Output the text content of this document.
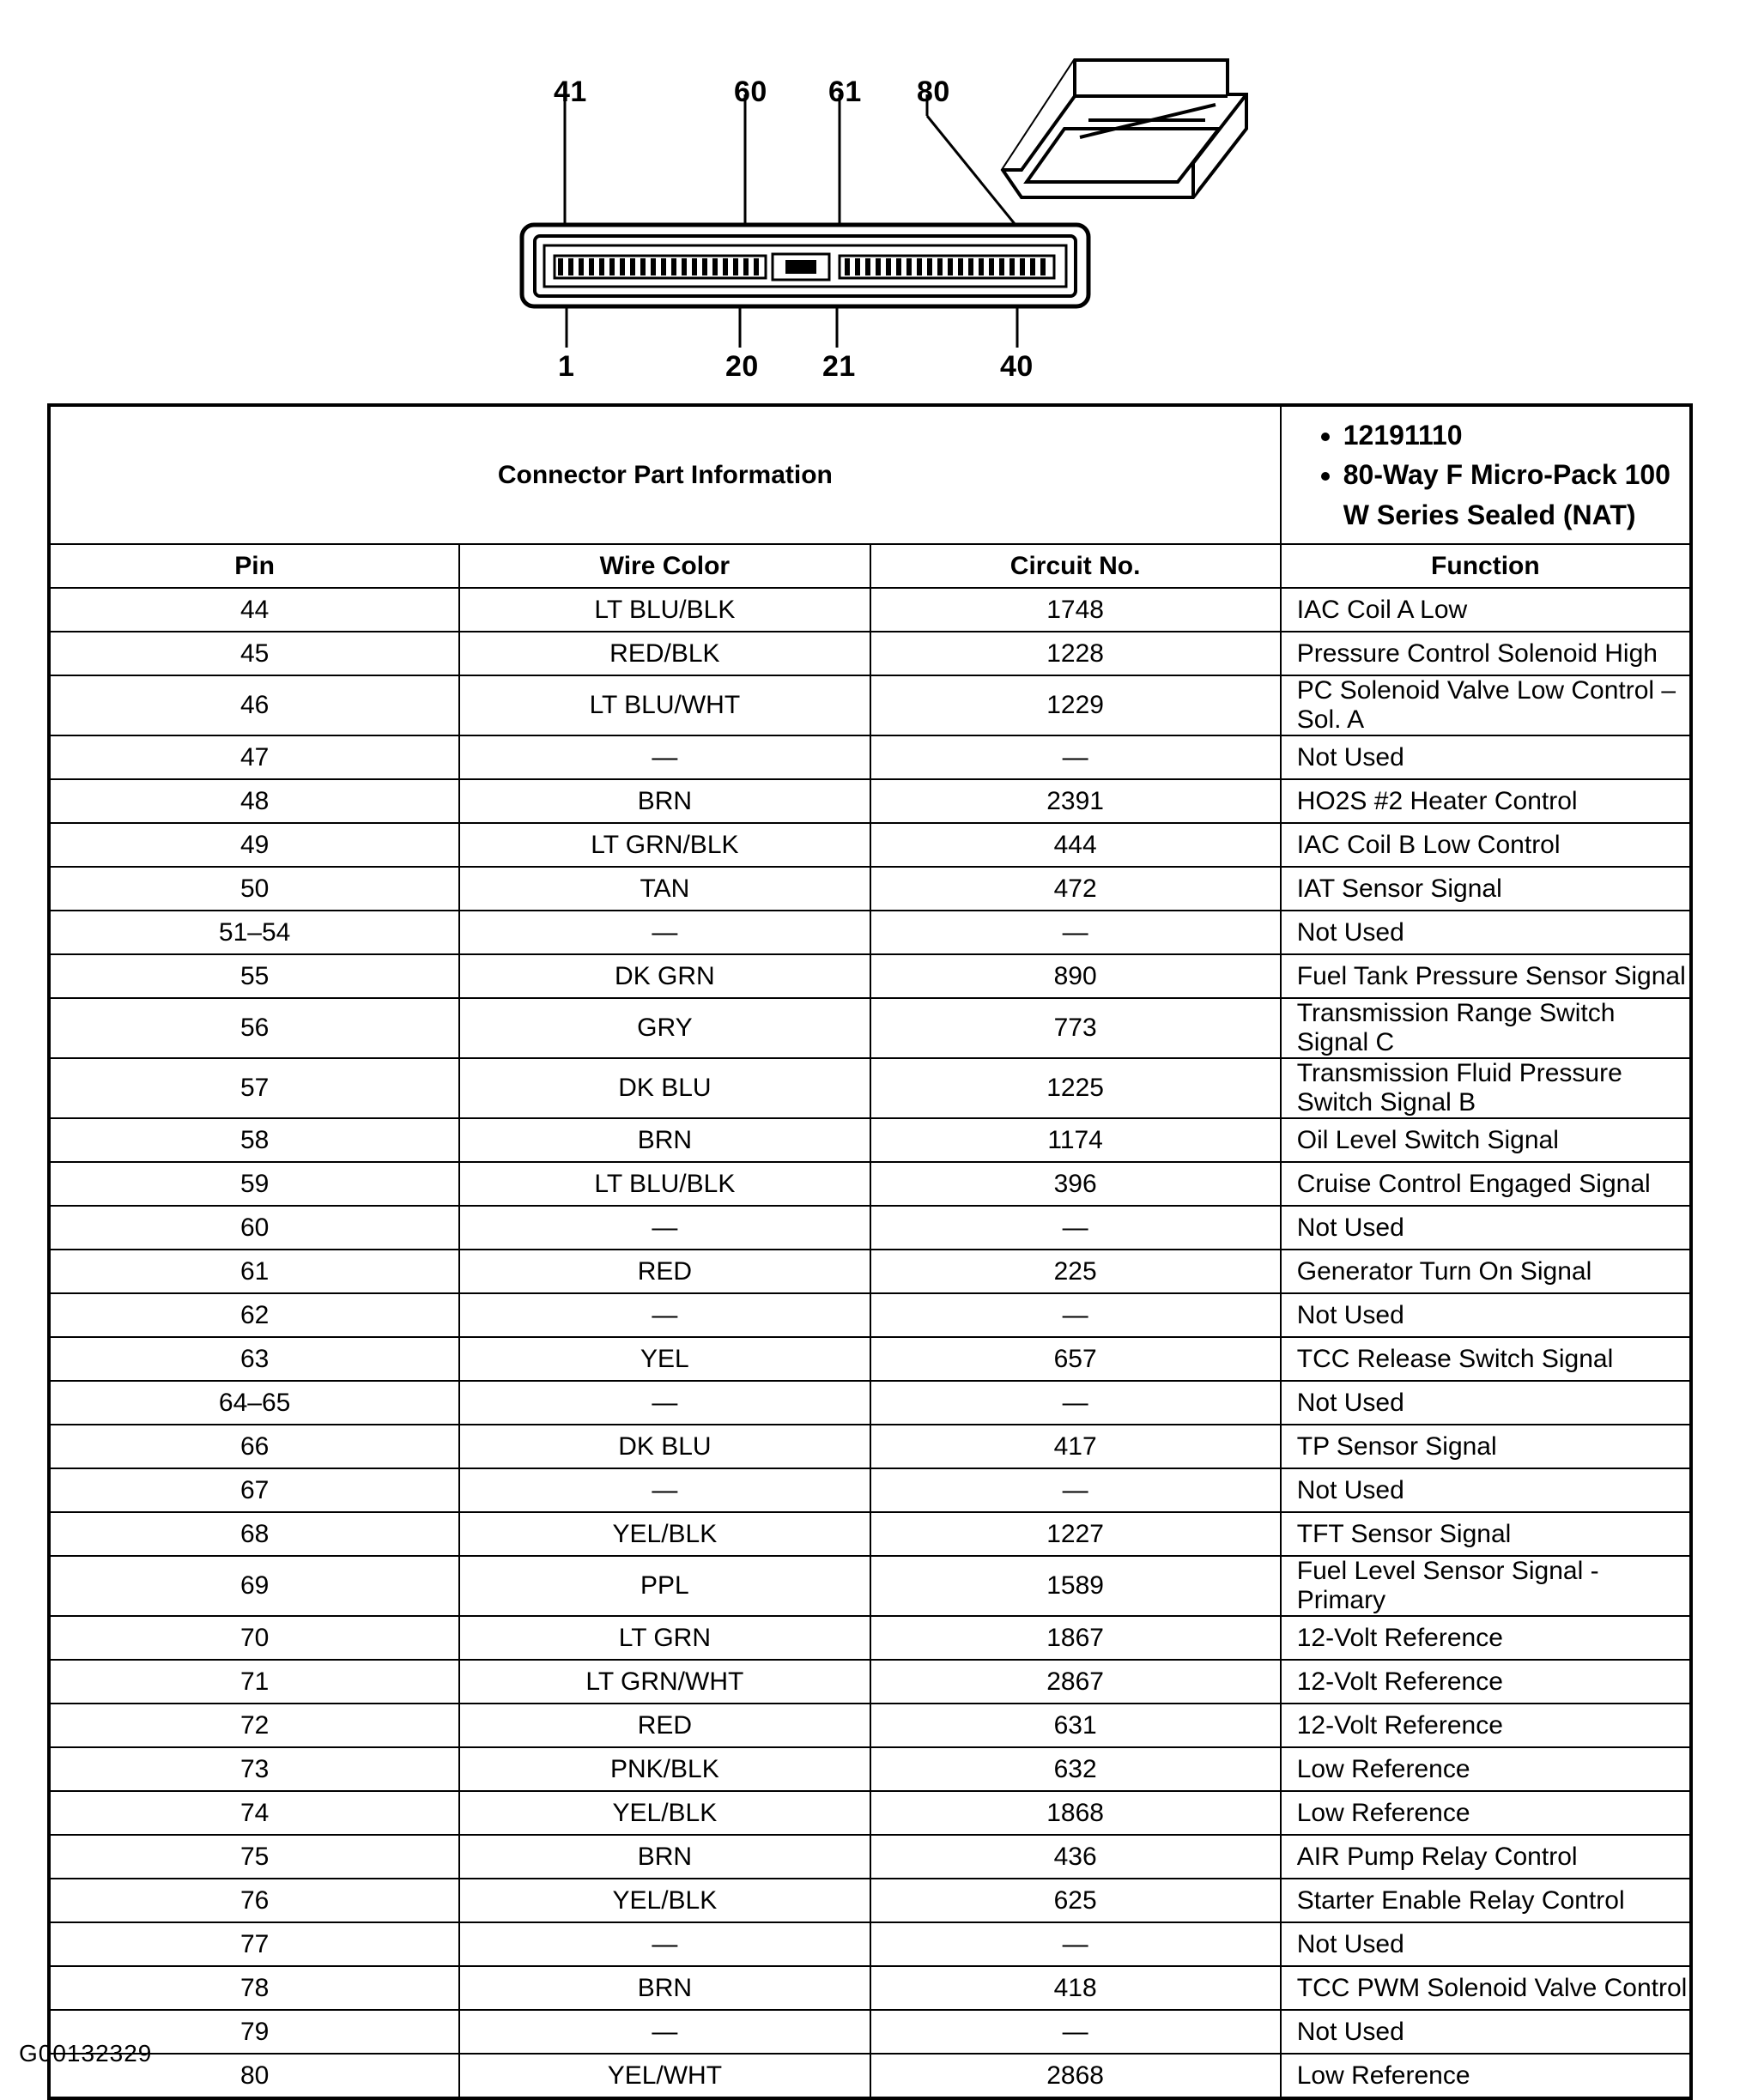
41	60 61 80
1	20 21	40
Connector Part Information	
• 12191110
• 80-Way F Micro-Pack 100 W Series Sealed (NAT)

Pin	Wire Color	Circuit No.	Function
44	LT BLU/BLK	1748	IAC Coil A Low
45	RED/BLK	1228	Pressure Control Solenoid High
46	LT BLU/WHT	1229	PC Solenoid Valve Low Control – Sol. A
47	—	—	Not Used
48	BRN	2391	HO2S #2 Heater Control
49	LT GRN/BLK	444	IAC Coil B Low Control
50	TAN	472	IAT Sensor Signal
51–54	—	—	Not Used
55	DK GRN	890	Fuel Tank Pressure Sensor Signal
56	GRY	773	Transmission Range Switch Signal C
57	DK BLU	1225	Transmission Fluid Pressure Switch Signal B
58	BRN	1174	Oil Level Switch Signal
59	LT BLU/BLK	396	Cruise Control Engaged Signal
60	—	—	Not Used
61	RED	225	Generator Turn On Signal
62	—	—	Not Used
63	YEL	657	TCC Release Switch Signal
64–65	—	—	Not Used
66	DK BLU	417	TP Sensor Signal
67	—	—	Not Used
68	YEL/BLK	1227	TFT Sensor Signal
69	PPL	1589	Fuel Level Sensor Signal - Primary
70	LT GRN	1867	12-Volt Reference
71	LT GRN/WHT	2867	12-Volt Reference
72	RED	631	12-Volt Reference
73	PNK/BLK	632	Low Reference
74	YEL/BLK	1868	Low Reference
75	BRN	436	AIR Pump Relay Control
76	YEL/BLK	625	Starter Enable Relay Control
77	—	—	Not Used
78	BRN	418	TCC PWM Solenoid Valve Control
79	—	—	Not Used
80	YEL/WHT	2868	Low Reference
G00132329
